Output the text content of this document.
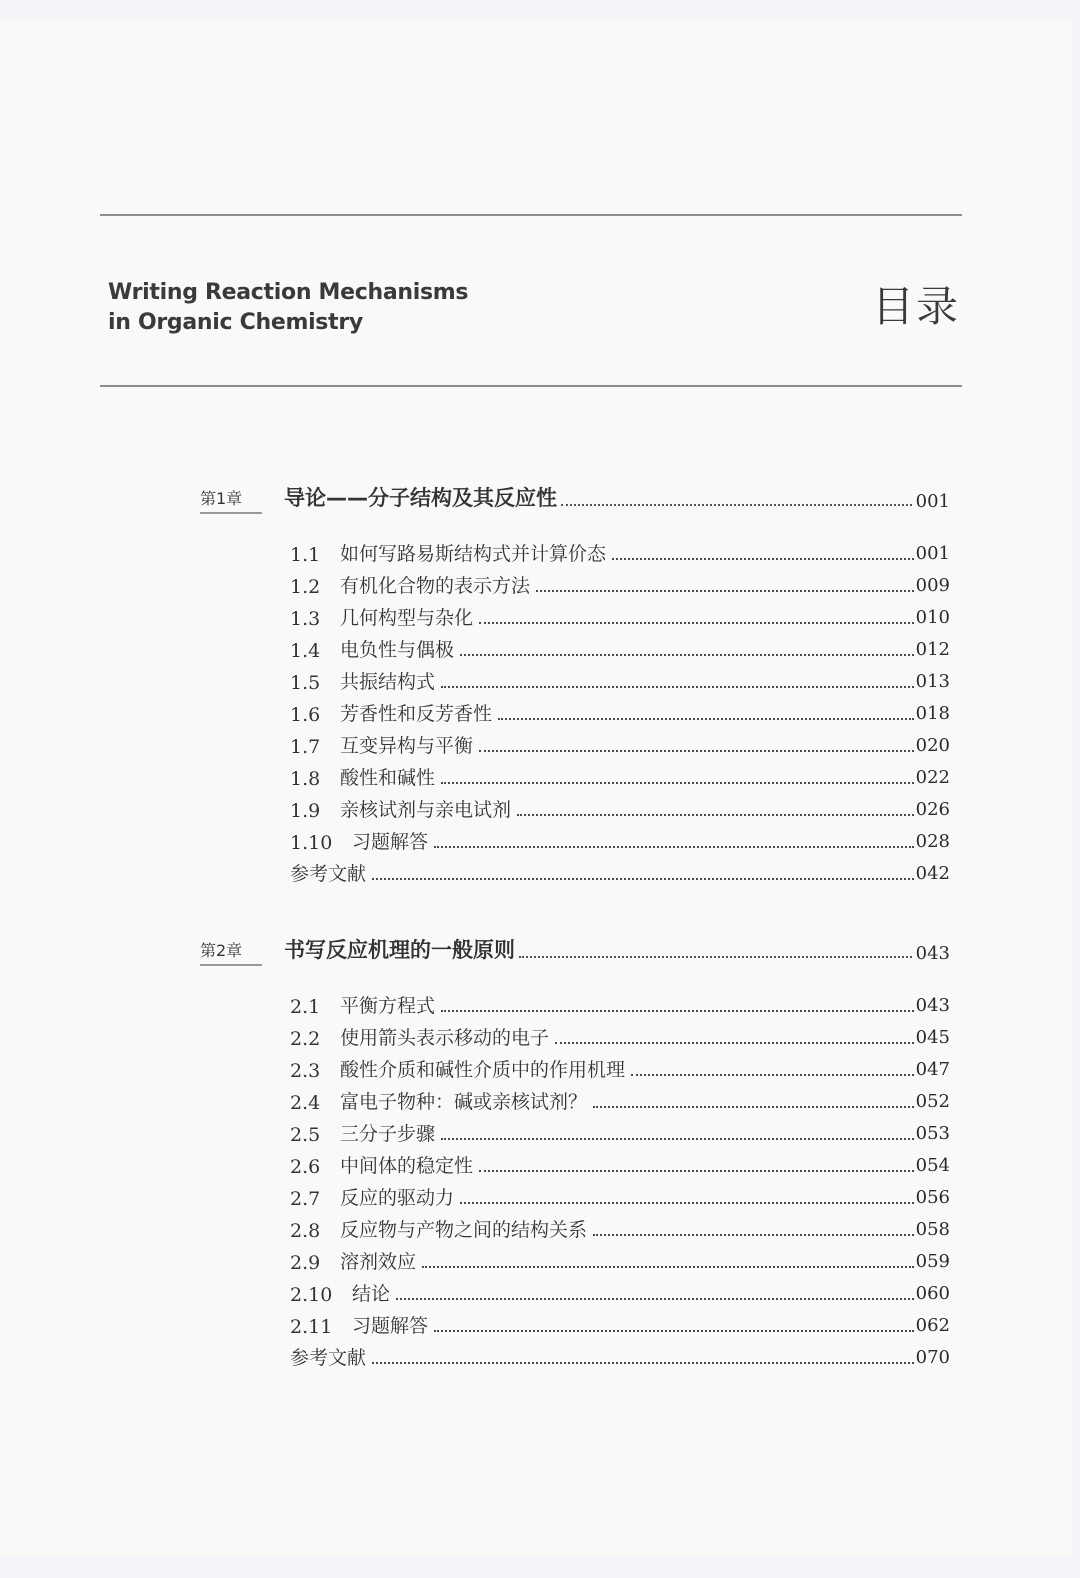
Writing Reaction Mechanisms
in Organic Chemistry	目录
第1章	导论——分子结构及其反应性	001
1.1	如何写路易斯结构式并计算价态	001
1.2	有机化合物的表示方法	009
1.3	几何构型与杂化	010
1.4	电负性与偶极	012
1.5	共振结构式	013
1.6	芳香性和反芳香性	018
1.7	互变异构与平衡	020
1.8	酸性和碱性	022
1.9	亲核试剂与亲电试剂	026
1.10	习题解答	028
参考文献	042
第2章	书写反应机理的一般原则	043
2.1	平衡方程式	043
2.2	使用箭头表示移动的电子	045
2.3	酸性介质和碱性介质中的作用机理	047
2.4	富电子物种：碱或亲核试剂？	052
2.5	三分子步骤	053
2.6	中间体的稳定性	054
2.7	反应的驱动力	056
2.8	反应物与产物之间的结构关系	058
2.9	溶剂效应	059
2.10	结论	060
2.11	习题解答	062
参考文献	070
